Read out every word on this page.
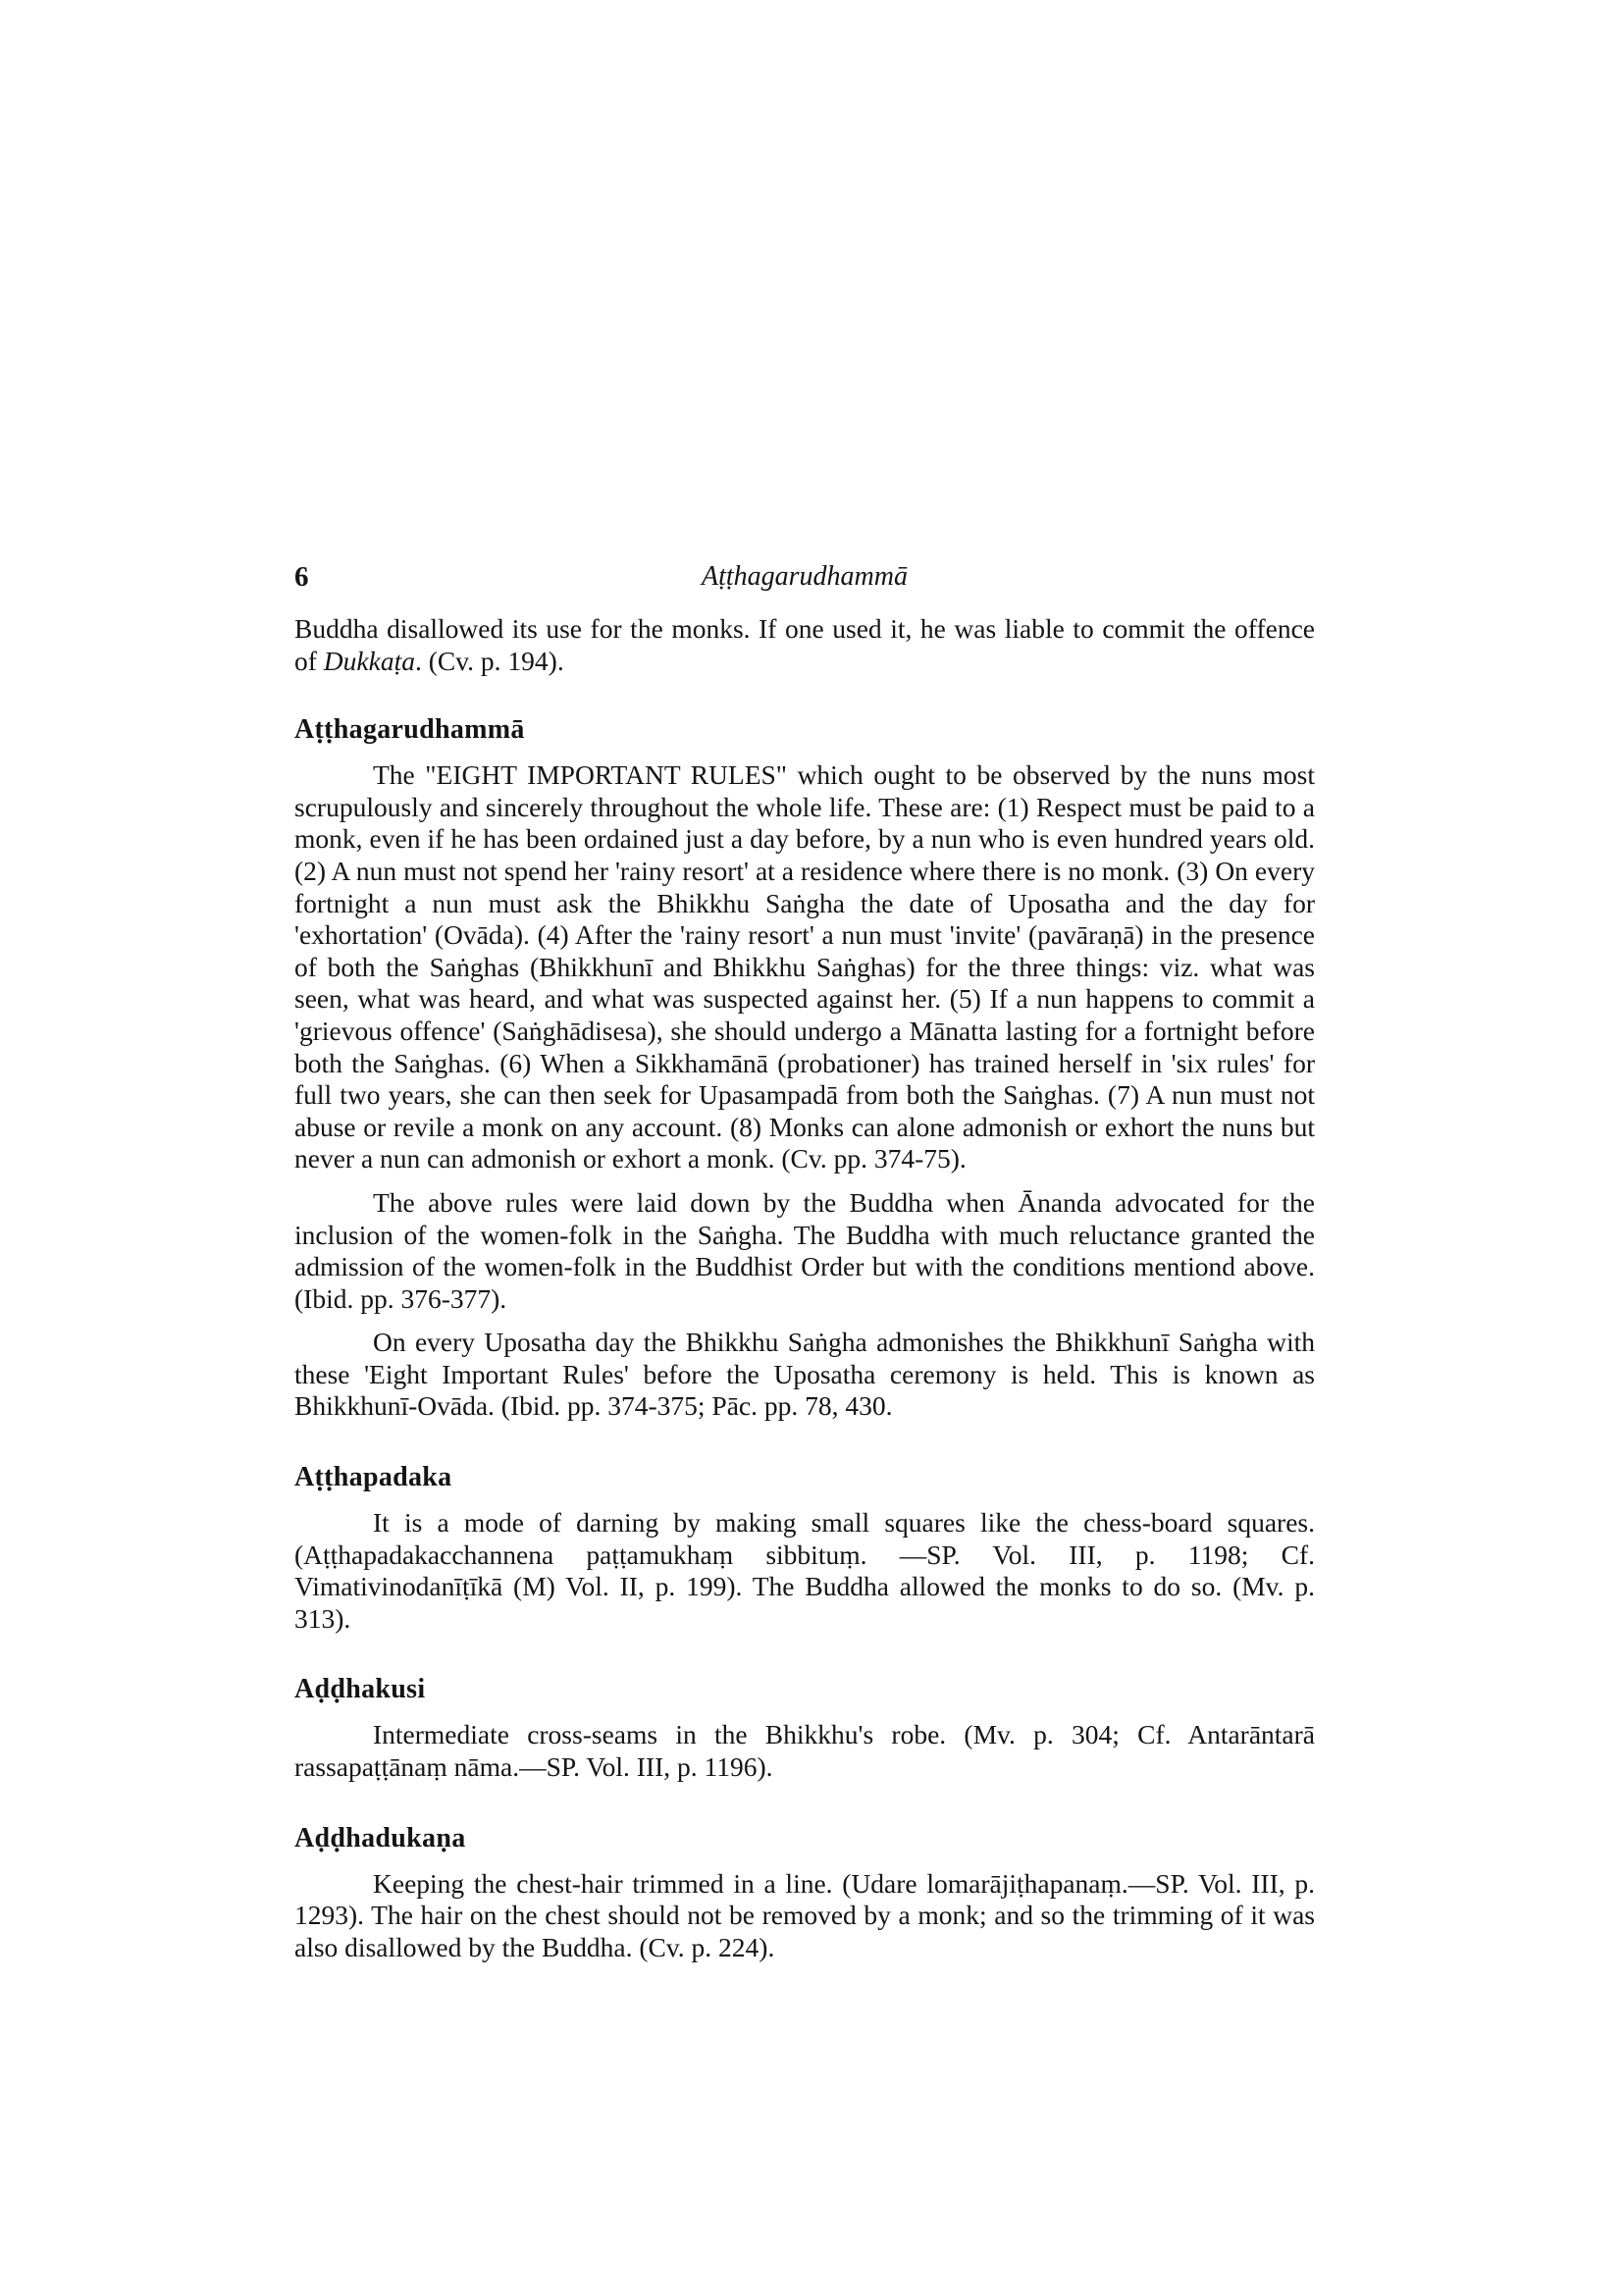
6	Aṭṭhagarudhammā

Buddha disallowed its use for the monks. If one used it, he was liable to commit the offence of Dukkaṭa. (Cv. p. 194).

Aṭṭhagarudhammā

The "EIGHT IMPORTANT RULES" which ought to be observed by the nuns most scrupulously and sincerely throughout the whole life. These are: (1) Respect must be paid to a monk, even if he has been ordained just a day before, by a nun who is even hundred years old. (2) A nun must not spend her 'rainy resort' at a residence where there is no monk. (3) On every fortnight a nun must ask the Bhikkhu Saṅgha the date of Uposatha and the day for 'exhortation' (Ovāda). (4) After the 'rainy resort' a nun must 'invite' (pavāraṇā) in the presence of both the Saṅghas (Bhikkhunī and Bhikkhu Saṅghas) for the three things: viz. what was seen, what was heard, and what was suspected against her. (5) If a nun happens to commit a 'grievous offence' (Saṅghādisesa), she should undergo a Mānatta lasting for a fortnight before both the Saṅghas. (6) When a Sikkhamānā (probationer) has trained herself in 'six rules' for full two years, she can then seek for Upasampadā from both the Saṅghas. (7) A nun must not abuse or revile a monk on any account. (8) Monks can alone admonish or exhort the nuns but never a nun can admonish or exhort a monk. (Cv. pp. 374-75).

The above rules were laid down by the Buddha when Ānanda advocated for the inclusion of the women-folk in the Saṅgha. The Buddha with much reluctance granted the admission of the women-folk in the Buddhist Order but with the conditions mentiond above. (Ibid. pp. 376-377).

On every Uposatha day the Bhikkhu Saṅgha admonishes the Bhikkhunī Saṅgha with these 'Eight Important Rules' before the Uposatha ceremony is held. This is known as Bhikkhunī-Ovāda. (Ibid. pp. 374-375; Pāc. pp. 78, 430.

Aṭṭhapadaka

It is a mode of darning by making small squares like the chess-board squares. (Aṭṭhapadakacchannena paṭṭamukhaṃ sibbituṃ. —SP. Vol. III, p. 1198; Cf. Vimativinodanīṭīkā (M) Vol. II, p. 199). The Buddha allowed the monks to do so. (Mv. p. 313).

Aḍḍhakusi

Intermediate cross-seams in the Bhikkhu's robe. (Mv. p. 304; Cf. Antarāntarā rassapaṭṭānaṃ nāma.—SP. Vol. III, p. 1196).

Aḍḍhadukaṇa

Keeping the chest-hair trimmed in a line. (Udare lomarājiṭhapanaṃ.—SP. Vol. III, p. 1293). The hair on the chest should not be removed by a monk; and so the trimming of it was also disallowed by the Buddha. (Cv. p. 224).
